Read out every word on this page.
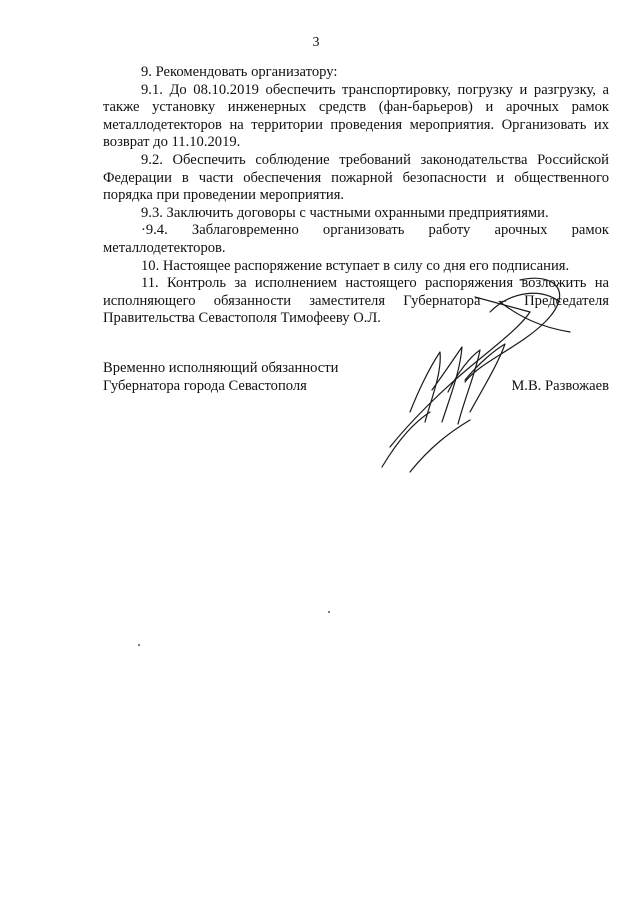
3

9. Рекомендовать организатору:

9.1. До 08.10.2019 обеспечить транспортировку, погрузку и разгрузку, а также установку инженерных средств (фан-барьеров) и арочных рамок металлодетекторов на территории проведения мероприятия. Организовать их возврат до 11.10.2019.

9.2. Обеспечить соблюдение требований законодательства Российской Федерации в части обеспечения пожарной безопасности и общественного порядка при проведении мероприятия.

9.3. Заключить договоры с частными охранными предприятиями.

·9.4. Заблаговременно организовать работу арочных рамок металлодетекторов.

10. Настоящее распоряжение вступает в силу со дня его подписания.

11. Контроль за исполнением настоящего распоряжения возложить на исполняющего обязанности заместителя Губернатора – Председателя Правительства Севастополя Тимофееву О.Л.

Временно исполняющий обязанности
Губернатора города Севастополя	М.В. Развожаев
